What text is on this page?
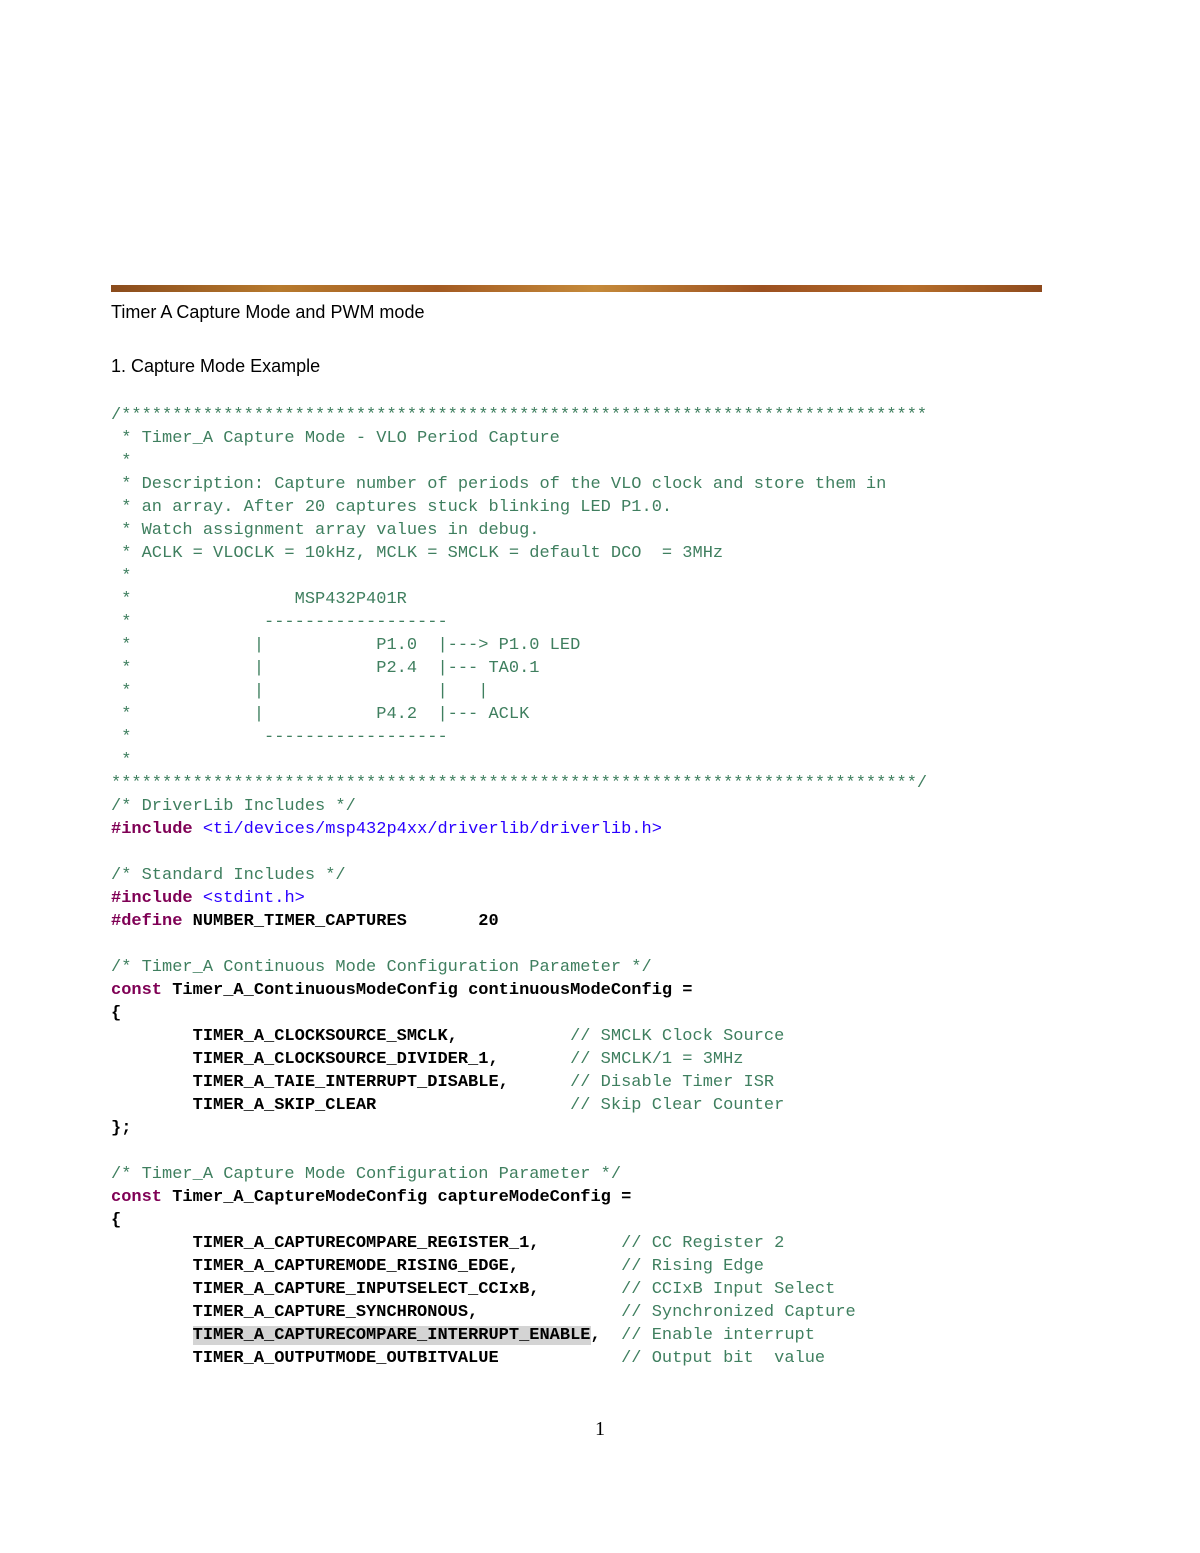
Timer A Capture Mode and PWM mode
1. Capture Mode Example
/*******************************************************************************
* Timer_A Capture Mode - VLO Period Capture
*
* Description: Capture number of periods of the VLO clock and store them in
* an array. After 20 captures stuck blinking LED P1.0.
* Watch assignment array values in debug.
* ACLK = VLOCLK = 10kHz, MCLK = SMCLK = default DCO  = 3MHz
*
*                MSP432P401R
*             ------------------
*            |           P1.0  |---> P1.0 LED
*            |           P2.4  |--- TA0.1
*            |                 |   |
*            |           P4.2  |--- ACLK
*             ------------------
*
*******************************************************************************/
/* DriverLib Includes */
#include <ti/devices/msp432p4xx/driverlib/driverlib.h>

/* Standard Includes */
#include <stdint.h>
#define NUMBER_TIMER_CAPTURES       20

/* Timer_A Continuous Mode Configuration Parameter */
const Timer_A_ContinuousModeConfig continuousModeConfig =
{
TIMER_A_CLOCKSOURCE_SMCLK,           // SMCLK Clock Source
TIMER_A_CLOCKSOURCE_DIVIDER_1,       // SMCLK/1 = 3MHz
TIMER_A_TAIE_INTERRUPT_DISABLE,      // Disable Timer ISR
TIMER_A_SKIP_CLEAR                   // Skip Clear Counter
};

/* Timer_A Capture Mode Configuration Parameter */
const Timer_A_CaptureModeConfig captureModeConfig =
{
TIMER_A_CAPTURECOMPARE_REGISTER_1,        // CC Register 2
TIMER_A_CAPTUREMODE_RISING_EDGE,          // Rising Edge
TIMER_A_CAPTURE_INPUTSELECT_CCIxB,        // CCIxB Input Select
TIMER_A_CAPTURE_SYNCHRONOUS,              // Synchronized Capture
TIMER_A_CAPTURECOMPARE_INTERRUPT_ENABLE,  // Enable interrupt
TIMER_A_OUTPUTMODE_OUTBITVALUE            // Output bit  value

1
